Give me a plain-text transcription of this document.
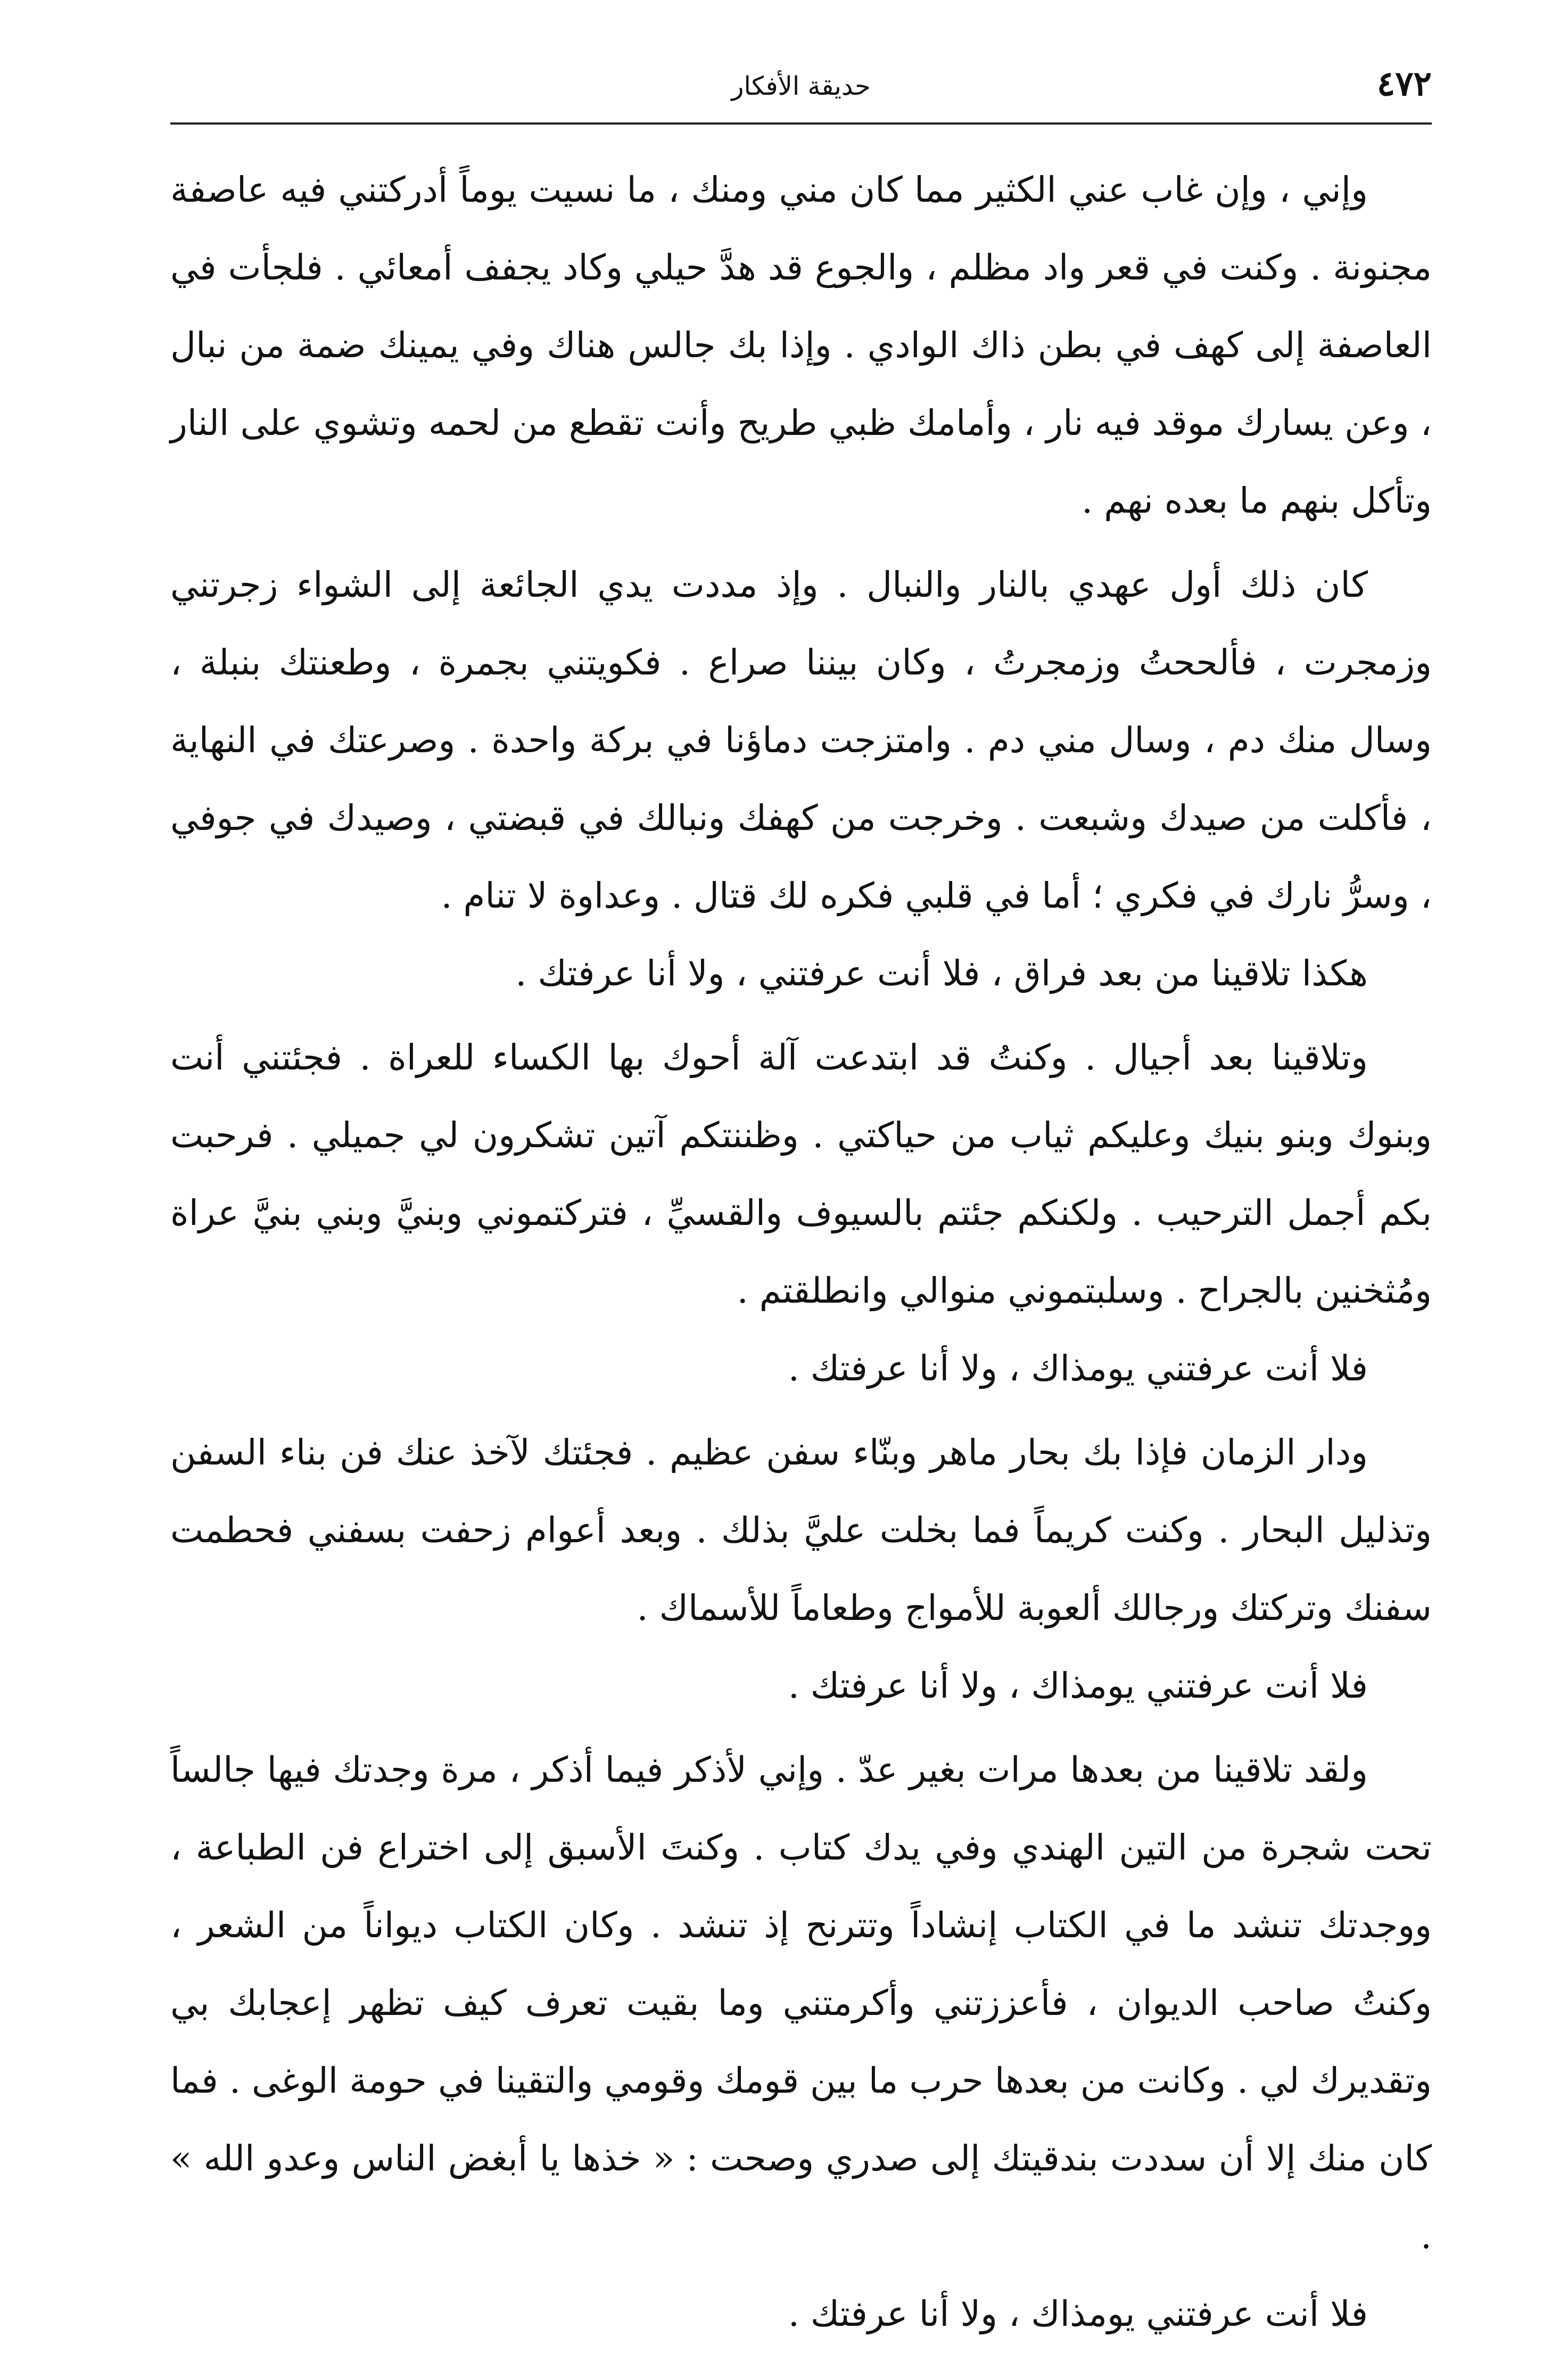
٤٧٢
حديقة الأفكار

وإني ، وإن غاب عني الكثير مما كان مني ومنك ، ما نسيت يوماً أدركتني فيه عاصفة مجنونة . وكنت في قعر واد مظلم ، والجوع قد هدَّ حيلي وكاد يجفف أمعائي . فلجأت في العاصفة إلى كهف في بطن ذاك الوادي . وإذا بك جالس هناك وفي يمينك ضمة من نبال ، وعن يسارك موقد فيه نار ، وأمامك ظبي طريح وأنت تقطع من لحمه وتشوي على النار وتأكل بنهم ما بعده نهم .

كان ذلك أول عهدي بالنار والنبال . وإذ مددت يدي الجائعة إلى الشواء زجرتني وزمجرت ، فألححتُ وزمجرتُ ، وكان بيننا صراع . فكويتني بجمرة ، وطعنتك بنبلة ، وسال منك دم ، وسال مني دم . وامتزجت دماؤنا في بركة واحدة . وصرعتك في النهاية ، فأكلت من صيدك وشبعت . وخرجت من كهفك ونبالك في قبضتي ، وصيدك في جوفي ، وسرُّ نارك في فكري ؛ أما في قلبي فكره لك قتال . وعداوة لا تنام .

هكذا تلاقينا من بعد فراق ، فلا أنت عرفتني ، ولا أنا عرفتك .

وتلاقينا بعد أجيال . وكنتُ قد ابتدعت آلة أحوك بها الكساء للعراة . فجئتني أنت وبنوك وبنو بنيك وعليكم ثياب من حياكتي . وظننتكم آتين تشكرون لي جميلي . فرحبت بكم أجمل الترحيب . ولكنكم جئتم بالسيوف والقسيِّ ، فتركتموني وبنيَّ وبني بنيَّ عراة ومُثخنين بالجراح . وسلبتموني منوالي وانطلقتم .

فلا أنت عرفتني يومذاك ، ولا أنا عرفتك .

ودار الزمان فإذا بك بحار ماهر وبنّاء سفن عظيم . فجئتك لآخذ عنك فن بناء السفن وتذليل البحار . وكنت كريماً فما بخلت عليَّ بذلك . وبعد أعوام زحفت بسفني فحطمت سفنك وتركتك ورجالك ألعوبة للأمواج وطعاماً للأسماك .

فلا أنت عرفتني يومذاك ، ولا أنا عرفتك .

ولقد تلاقينا من بعدها مرات بغير عدّ . وإني لأذكر فيما أذكر ، مرة وجدتك فيها جالساً تحت شجرة من التين الهندي وفي يدك كتاب . وكنتَ الأسبق إلى اختراع فن الطباعة ، ووجدتك تنشد ما في الكتاب إنشاداً وتترنح إذ تنشد . وكان الكتاب ديواناً من الشعر ، وكنتُ صاحب الديوان ، فأعززتني وأكرمتني وما بقيت تعرف كيف تظهر إعجابك بي وتقديرك لي . وكانت من بعدها حرب ما بين قومك وقومي والتقينا في حومة الوغى . فما كان منك إلا أن سددت بندقيتك إلى صدري وصحت : « خذها يا أبغض الناس وعدو الله » .

فلا أنت عرفتني يومذاك ، ولا أنا عرفتك .
